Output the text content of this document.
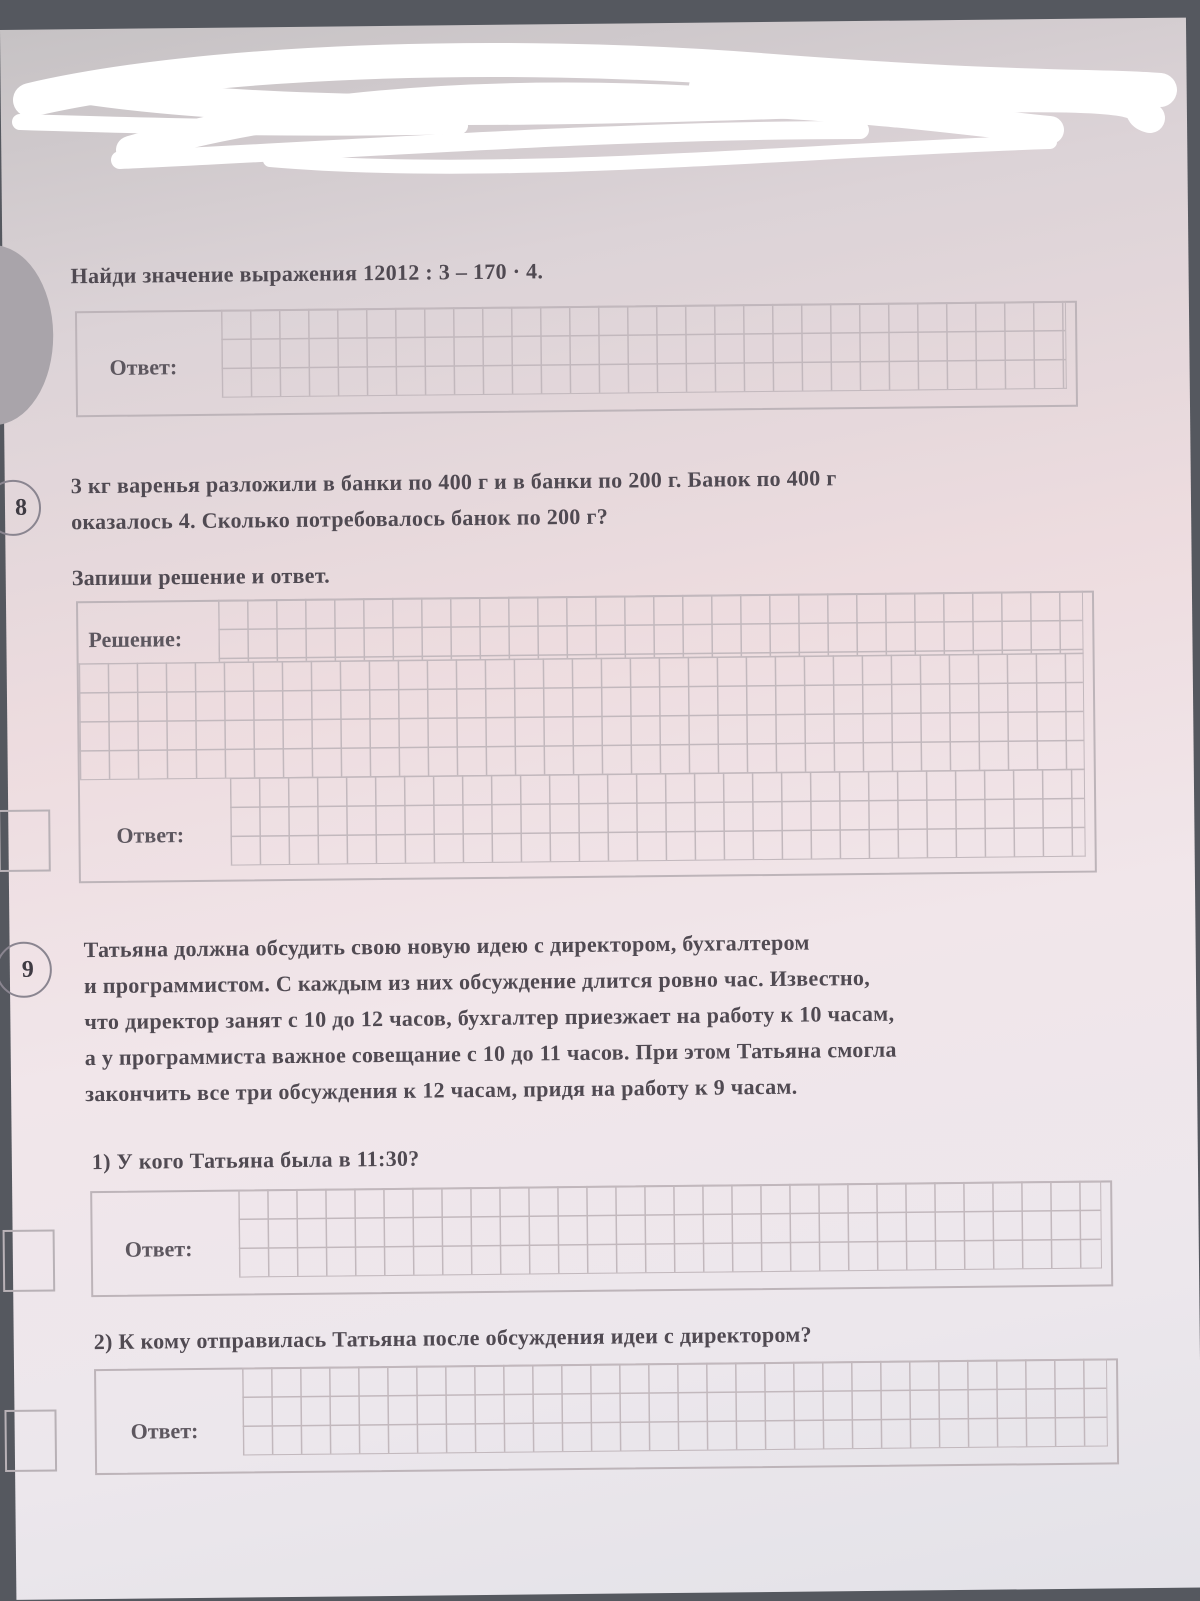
Найди значение выражения 12012 : 3 – 170 · 4.
Ответ:
8
3 кг варенья разложили в банки по 400 г и в банки по 200 г. Банок по 400 г
оказалось 4. Сколько потребовалось банок по 200 г?
Запиши решение и ответ.
Решение:
Ответ:
9
Татьяна должна обсудить свою новую идею с директором, бухгалтером
и программистом. С каждым из них обсуждение длится ровно час. Известно,
что директор занят с 10 до 12 часов, бухгалтер приезжает на работу к 10 часам,
а у программиста важное совещание с 10 до 11 часов. При этом Татьяна смогла
закончить все три обсуждения к 12 часам, придя на работу к 9 часам.
1) У кого Татьяна была в 11:30?
Ответ:
2) К кому отправилась Татьяна после обсуждения идеи с директором?
Ответ:
